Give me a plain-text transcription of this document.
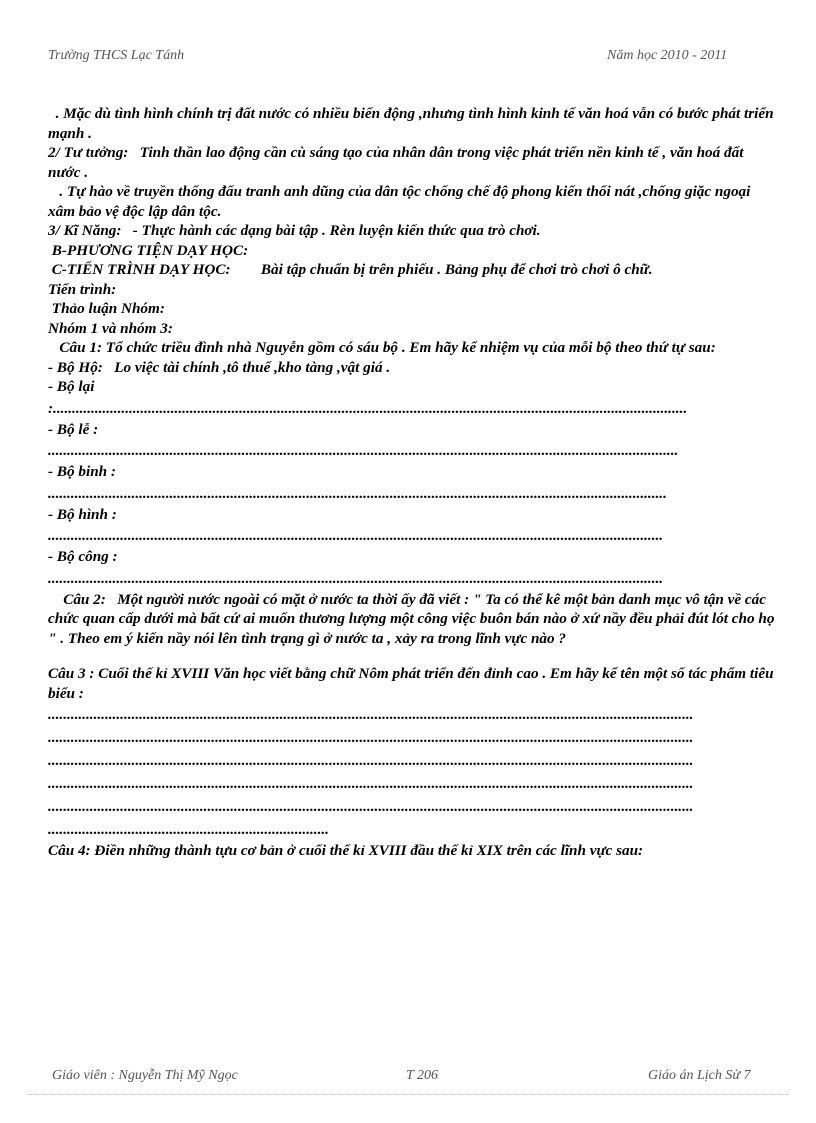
Trường THCS Lạc Tánh	Năm học 2010 - 2011

. Mặc dù tình hình chính trị đất nước có nhiều biến động ,nhưng tình hình kinh tế văn hoá vẫn có bước phát triển mạnh .

2/ Tư tưởng:   Tinh thần lao động cần cù sáng tạo của nhân dân trong việc phát triển nền kinh tế , văn hoá đất nước .

. Tự hào về truyền thống đấu tranh anh dũng của dân tộc chống chế độ phong kiến thối nát ,chống giặc ngoại xâm bảo vệ độc lập dân tộc.

3/ Kĩ Năng:   - Thực hành các dạng bài tập . Rèn luyện kiến thức qua trò chơi.

B-PHƯƠNG TIỆN DẠY HỌC:

C-TIẾN TRÌNH DẠY HỌC:        Bài tập chuẩn bị trên phiếu . Bảng phụ để chơi trò chơi ô chữ.

Tiến trình:

Thảo luận Nhóm:

Nhóm 1 và nhóm 3:

Câu 1: Tổ chức triều đình nhà Nguyễn gồm có sáu bộ . Em hãy kể nhiệm vụ của mỗi bộ theo thứ tự sau:

- Bộ Hộ:   Lo việc tài chính ,tô thuế ,kho tàng ,vật giá .

- Bộ lại

:.......................................................................................................................................................................

- Bộ lễ :

......................................................................................................................................................................

- Bộ binh :

...................................................................................................................................................................

- Bộ hình :

..................................................................................................................................................................

- Bộ công :

..................................................................................................................................................................

Câu 2:   Một người nước ngoài có mặt ở nước ta thời ấy đã viết : " Ta có thể kê một bản danh mục vô tận về các chức quan cấp dưới mà bất cứ ai muốn thương lượng một công việc buôn bán nào ở xứ nầy đều phải đút lót cho họ " . Theo em ý kiến nầy nói lên tình trạng gì ở nước ta , xảy ra trong lĩnh vực nào ?

Câu 3 : Cuối thế kỉ XVIII Văn học viết bằng chữ Nôm phát triển đến đỉnh cao . Em hãy kể tên một số tác phẩm tiêu biểu :

..........................................................................................................................................................................

..........................................................................................................................................................................

..........................................................................................................................................................................

..........................................................................................................................................................................

..........................................................................................................................................................................

..........................................................................

Câu 4: Điền những thành tựu cơ bản ở cuối thế kỉ XVIII đầu thế kỉ XIX trên các lĩnh vực sau:

Giáo viên : Nguyễn Thị Mỹ Ngọc	T 206	Giáo án Lịch Sử 7
